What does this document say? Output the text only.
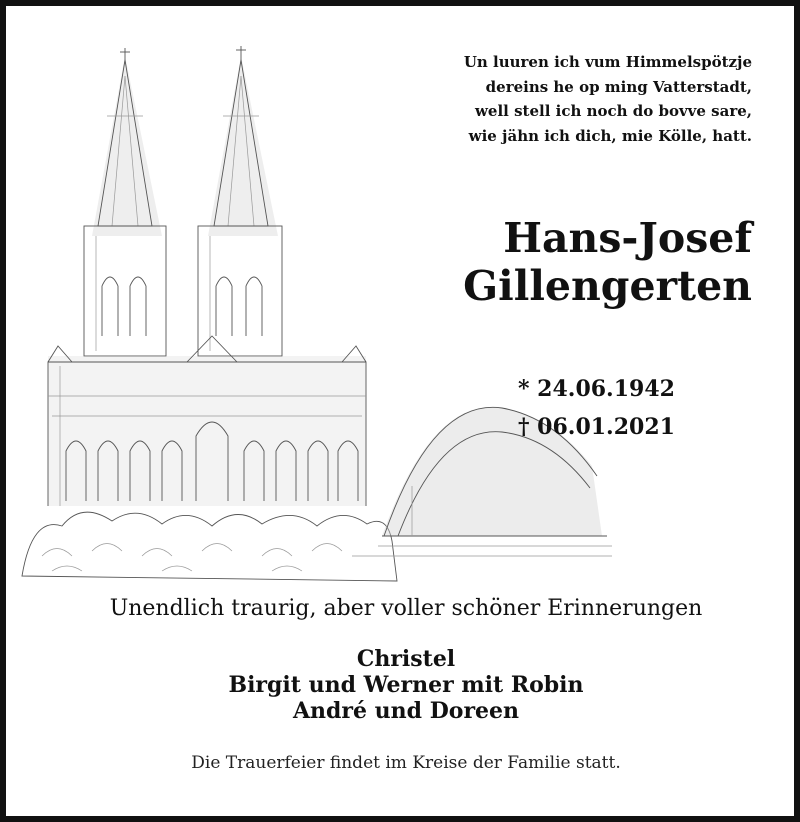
Un luuren ich vum Himmelspötzje
dereins he op ming Vatterstadt,
well stell ich noch do bovve sare,
wie jähn ich dich, mie Kölle, hatt.
Hans-Josef
Gillengerten
* 24.06.1942
† 06.01.2021
Unendlich traurig, aber voller schöner Erinnerungen
Christel
Birgit und Werner mit Robin
André und Doreen
Die Trauerfeier findet im Kreise der Familie statt.
